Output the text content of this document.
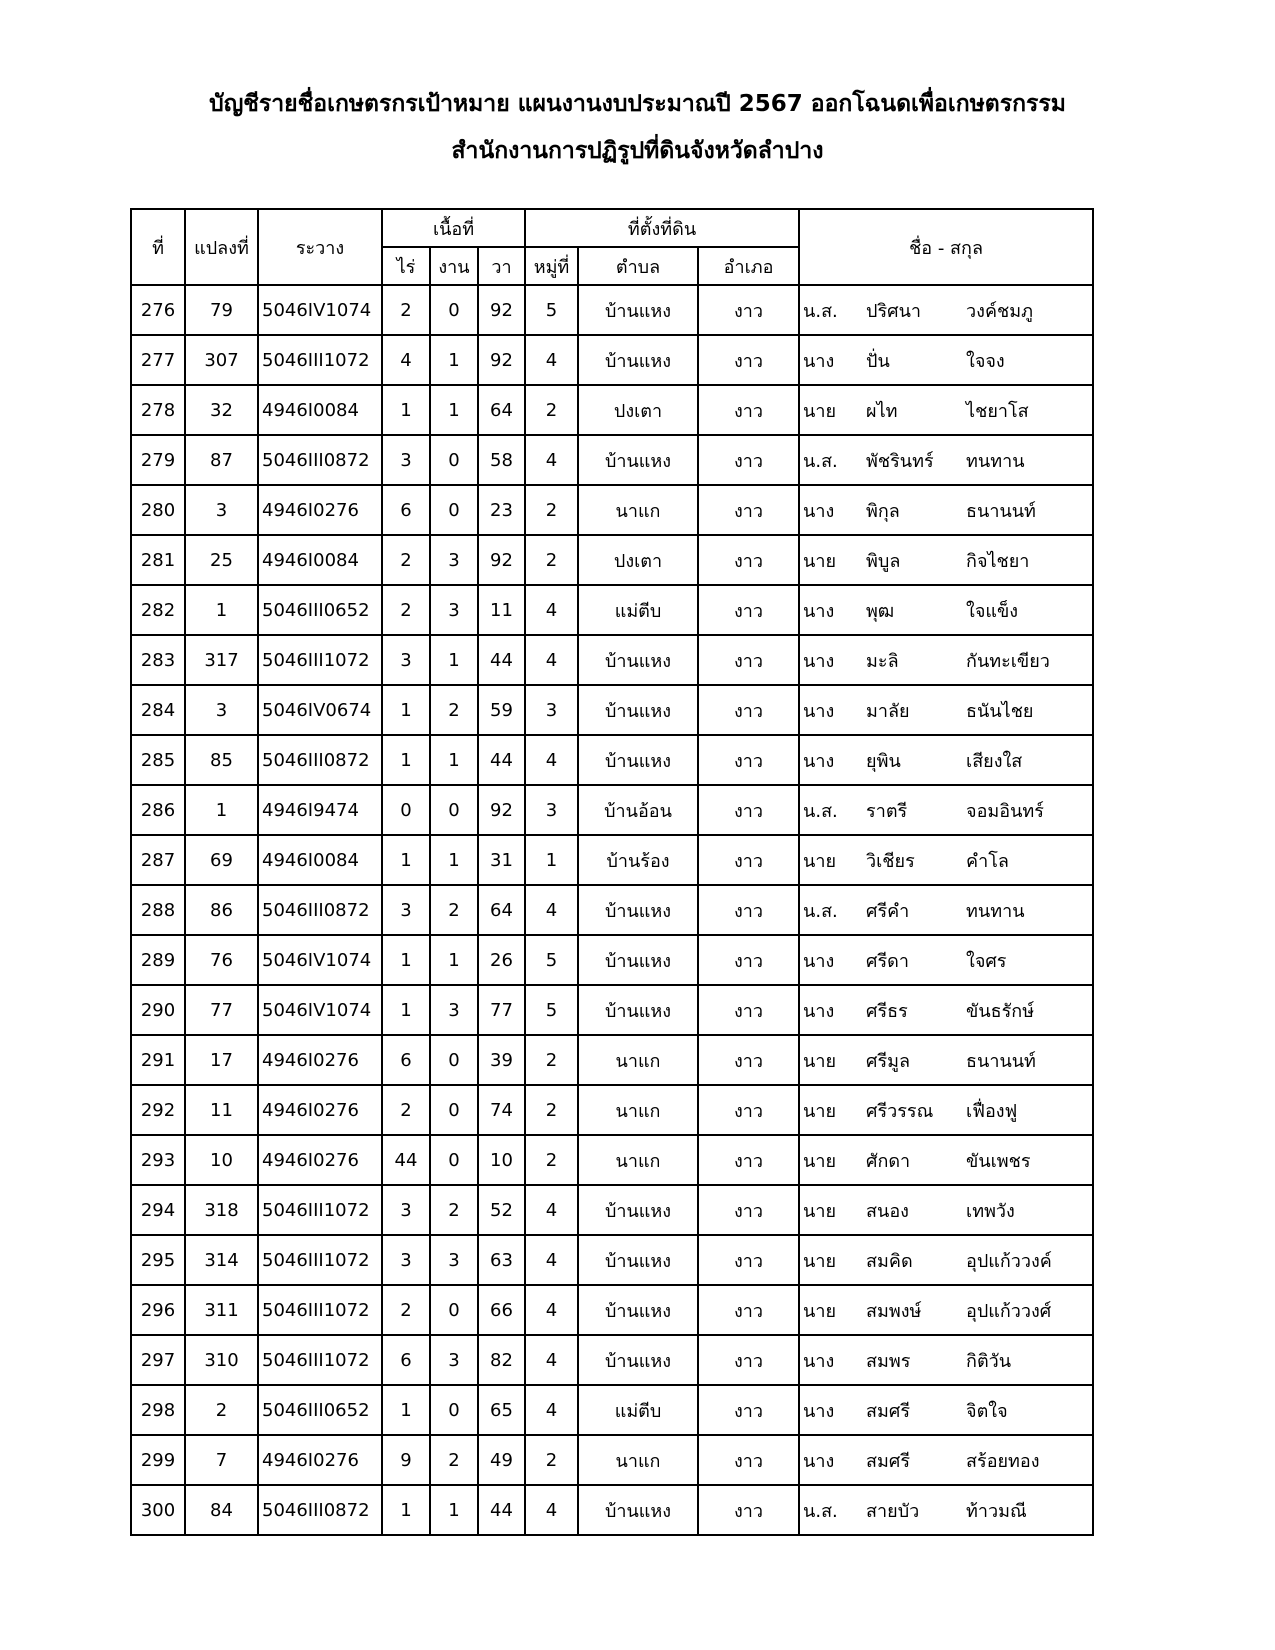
บัญชีรายชื่อเกษตรกรเป้าหมาย แผนงานงบประมาณปี 2567 ออกโฉนดเพื่อเกษตรกรรม
สำนักงานการปฏิรูปที่ดินจังหวัดลำปาง
ที่	แปลงที่	ระวาง	เนื้อที่			ที่ตั้งที่ดิน			ชื่อ - สกุล
			ไร่	งาน	วา	หมู่ที่	ตำบล	อำเภอ	
276	79	5046IV1074	2	0	92	5	บ้านแหง	งาว	น.ส. ปริศนา วงค์ชมภู

277	307	5046III1072	4	1	92	4	บ้านแหง	งาว	นาง ปั่น ใจจง

278	32	4946I0084	1	1	64	2	ปงเตา	งาว	นาย ผไท ไชยาโส

279	87	5046III0872	3	0	58	4	บ้านแหง	งาว	น.ส. พัชรินทร์ ทนทาน

280	3	4946I0276	6	0	23	2	นาแก	งาว	นาง พิกุล ธนานนท์

281	25	4946I0084	2	3	92	2	ปงเตา	งาว	นาย พิบูล กิจไชยา

282	1	5046III0652	2	3	11	4	แม่ตีบ	งาว	นาง พุฒ ใจแข็ง

283	317	5046III1072	3	1	44	4	บ้านแหง	งาว	นาง มะลิ กันทะเขียว

284	3	5046IV0674	1	2	59	3	บ้านแหง	งาว	นาง มาลัย ธนันไชย

285	85	5046III0872	1	1	44	4	บ้านแหง	งาว	นาง ยุพิน เสียงใส

286	1	4946I9474	0	0	92	3	บ้านอ้อน	งาว	น.ส. ราตรี จอมอินทร์

287	69	4946I0084	1	1	31	1	บ้านร้อง	งาว	นาย วิเชียร คำโล

288	86	5046III0872	3	2	64	4	บ้านแหง	งาว	น.ส. ศรีคำ ทนทาน

289	76	5046IV1074	1	1	26	5	บ้านแหง	งาว	นาง ศรีดา ใจศร

290	77	5046IV1074	1	3	77	5	บ้านแหง	งาว	นาง ศรีธร ขันธรักษ์

291	17	4946I0276	6	0	39	2	นาแก	งาว	นาย ศรีมูล ธนานนท์

292	11	4946I0276	2	0	74	2	นาแก	งาว	นาย ศรีวรรณ เฟื่องฟู

293	10	4946I0276	44	0	10	2	นาแก	งาว	นาย ศักดา ขันเพชร

294	318	5046III1072	3	2	52	4	บ้านแหง	งาว	นาย สนอง เทพวัง

295	314	5046III1072	3	3	63	4	บ้านแหง	งาว	นาย สมคิด อุปแก้ววงค์

296	311	5046III1072	2	0	66	4	บ้านแหง	งาว	นาย สมพงษ์ อุปแก้ววงศ์

297	310	5046III1072	6	3	82	4	บ้านแหง	งาว	นาง สมพร กิติวัน

298	2	5046III0652	1	0	65	4	แม่ตีบ	งาว	นาง สมศรี จิตใจ

299	7	4946I0276	9	2	49	2	นาแก	งาว	นาง สมศรี สร้อยทอง

300	84	5046III0872	1	1	44	4	บ้านแหง	งาว	น.ส. สายบัว ท้าวมณี
